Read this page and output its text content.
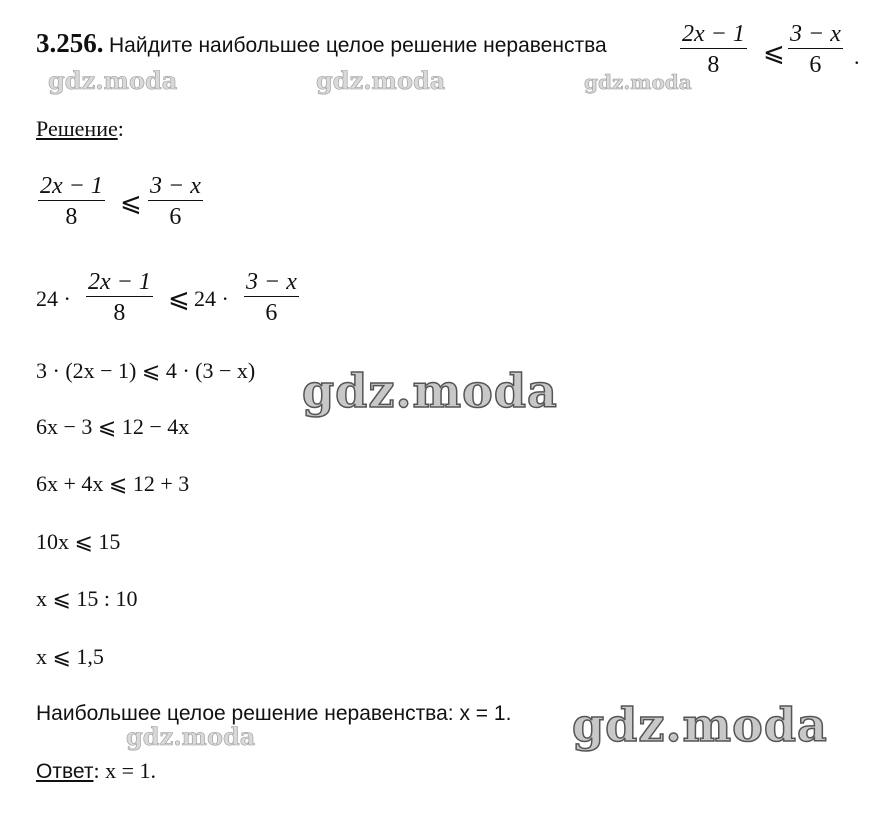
3.256. Найдите наибольшее целое решение неравенства	$\frac{2x - 1}{8}$ ⩽ $\frac{3 - x}{6}$ .
gdz.moda	gdz.moda	gdz.moda
Решение:
$\frac{2x - 1}{8}$ ⩽ $\frac{3 - x}{6}$
$24 \cdot \frac{2x - 1}{8}$ ⩽ $24 \cdot \frac{3 - x}{6}$
3 · (2x − 1) ⩽ 4 · (3 − x)
6x − 3 ⩽ 12 − 4x
6x + 4x ⩽ 12 + 3
10x ⩽ 15
x ⩽ 15 : 10
x ⩽ 1,5
gdz.moda
gdz.moda
Наибольшее целое решение неравенства: x = 1.
gdz.moda
Ответ: x = 1.
